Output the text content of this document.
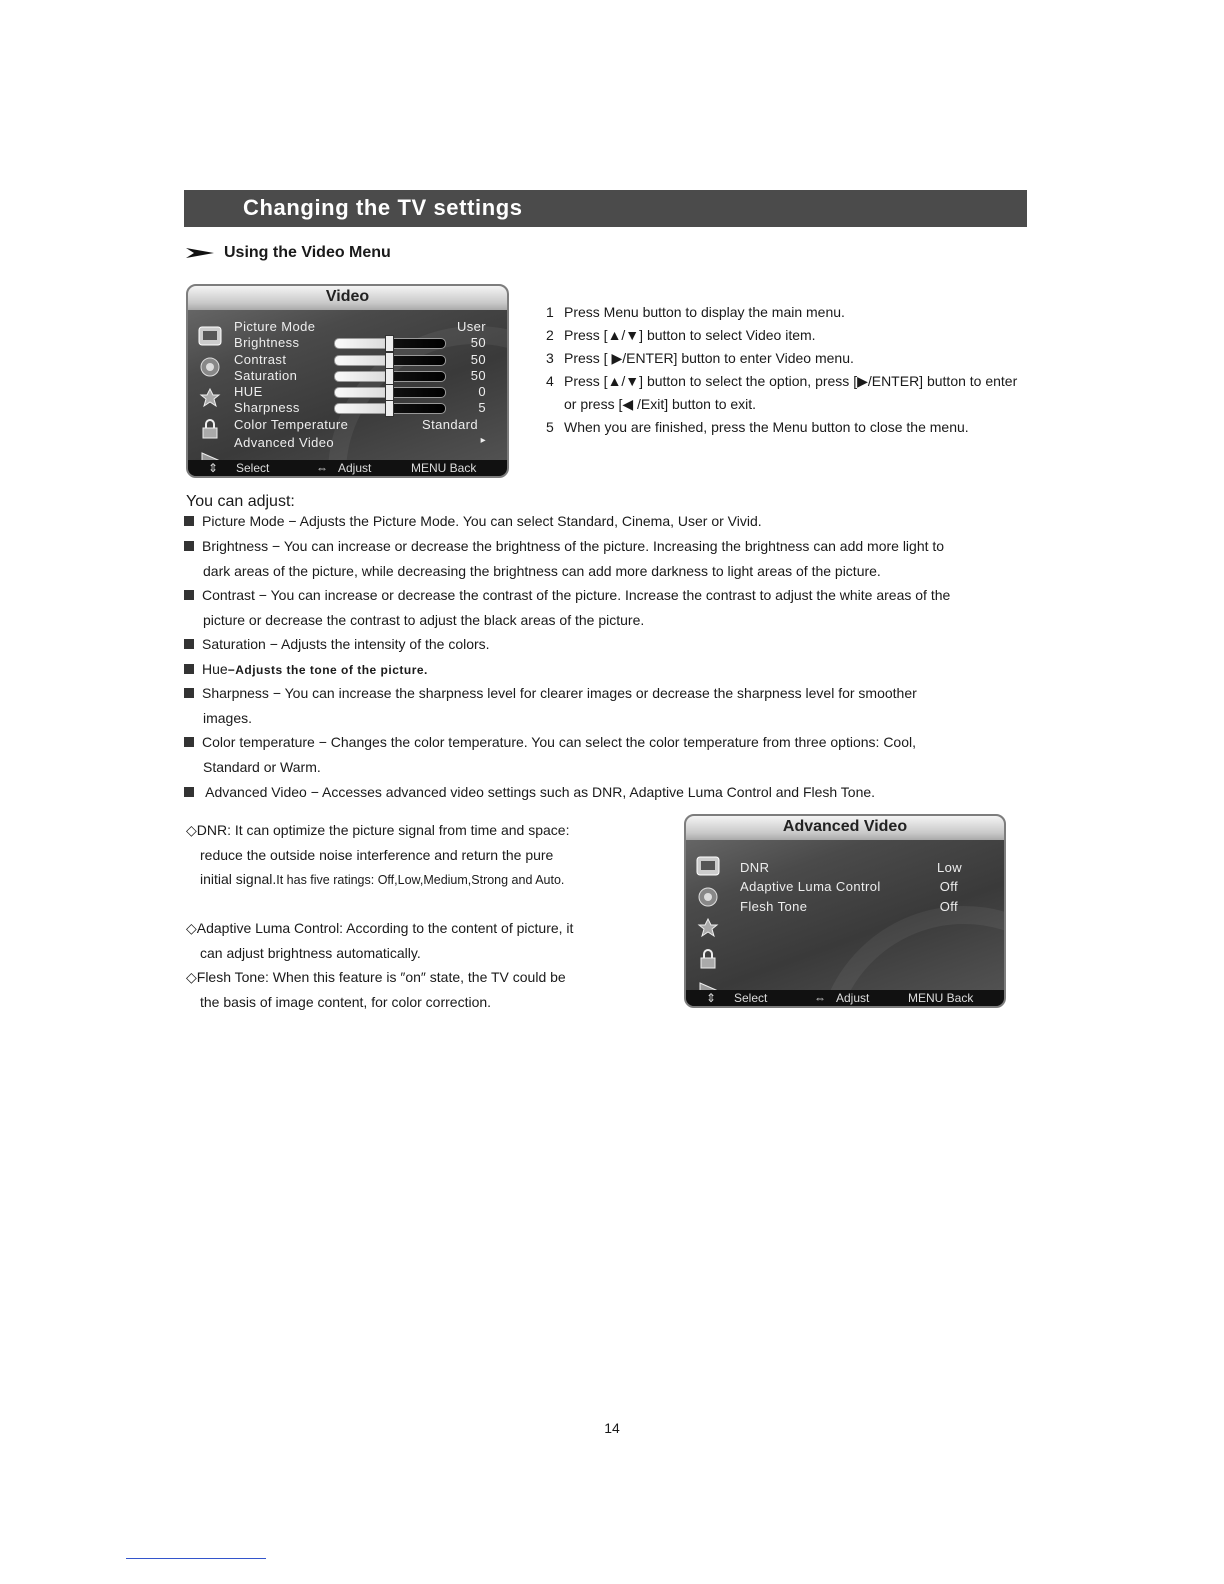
Changing the TV settings
Using the Video Menu
Video
Picture Mode	User
Brightness	50
Contrast	50
Saturation	50
HUE	0
Sharpness	5
Color Temperature	Standard
Advanced Video	▸
⇕ Select	⇔ Adjust	MENU Back
1 Press Menu button to display the main menu.
2 Press [▲/▼] button to select Video item.
3 Press [ ▶/ENTER] button to enter Video menu.
4 Press [▲/▼] button to select the option, press [▶/ENTER] button to enter
or press [◀ /Exit] button to exit.
5 When you are finished, press the Menu button to close the menu.
You can adjust:
Picture Mode − Adjusts the Picture Mode. You can select Standard, Cinema, User or Vivid.
Brightness − You can increase or decrease the brightness of the picture. Increasing the brightness can add more light to
dark areas of the picture, while decreasing the brightness can add more darkness to light areas of the picture.
Contrast − You can increase or decrease the contrast of the picture. Increase the contrast to adjust the white areas of the
picture or decrease the contrast to adjust the black areas of the picture.
Saturation − Adjusts the intensity of the colors.
Hue−Adjusts the tone of the picture.
Sharpness − You can increase the sharpness level for clearer images or decrease the sharpness level for smoother
images.
Color temperature − Changes the color temperature. You can select the color temperature from three options: Cool,
Standard or Warm.
Advanced Video − Accesses advanced video settings such as DNR, Adaptive Luma Control and Flesh Tone.
◇DNR: It can optimize the picture signal from time and space:
reduce the outside noise interference and return the pure
initial signal.It has five ratings: Off,Low,Medium,Strong and Auto.
◇Adaptive Luma Control: According to the content of picture, it
can adjust brightness automatically.
◇Flesh Tone: When this feature is ″on″ state, the TV could be
the basis of image content, for color correction.
Advanced Video
DNR	Low
Adaptive Luma Control	Off
Flesh Tone	Off
⇕ Select	⇔ Adjust	MENU Back
14
